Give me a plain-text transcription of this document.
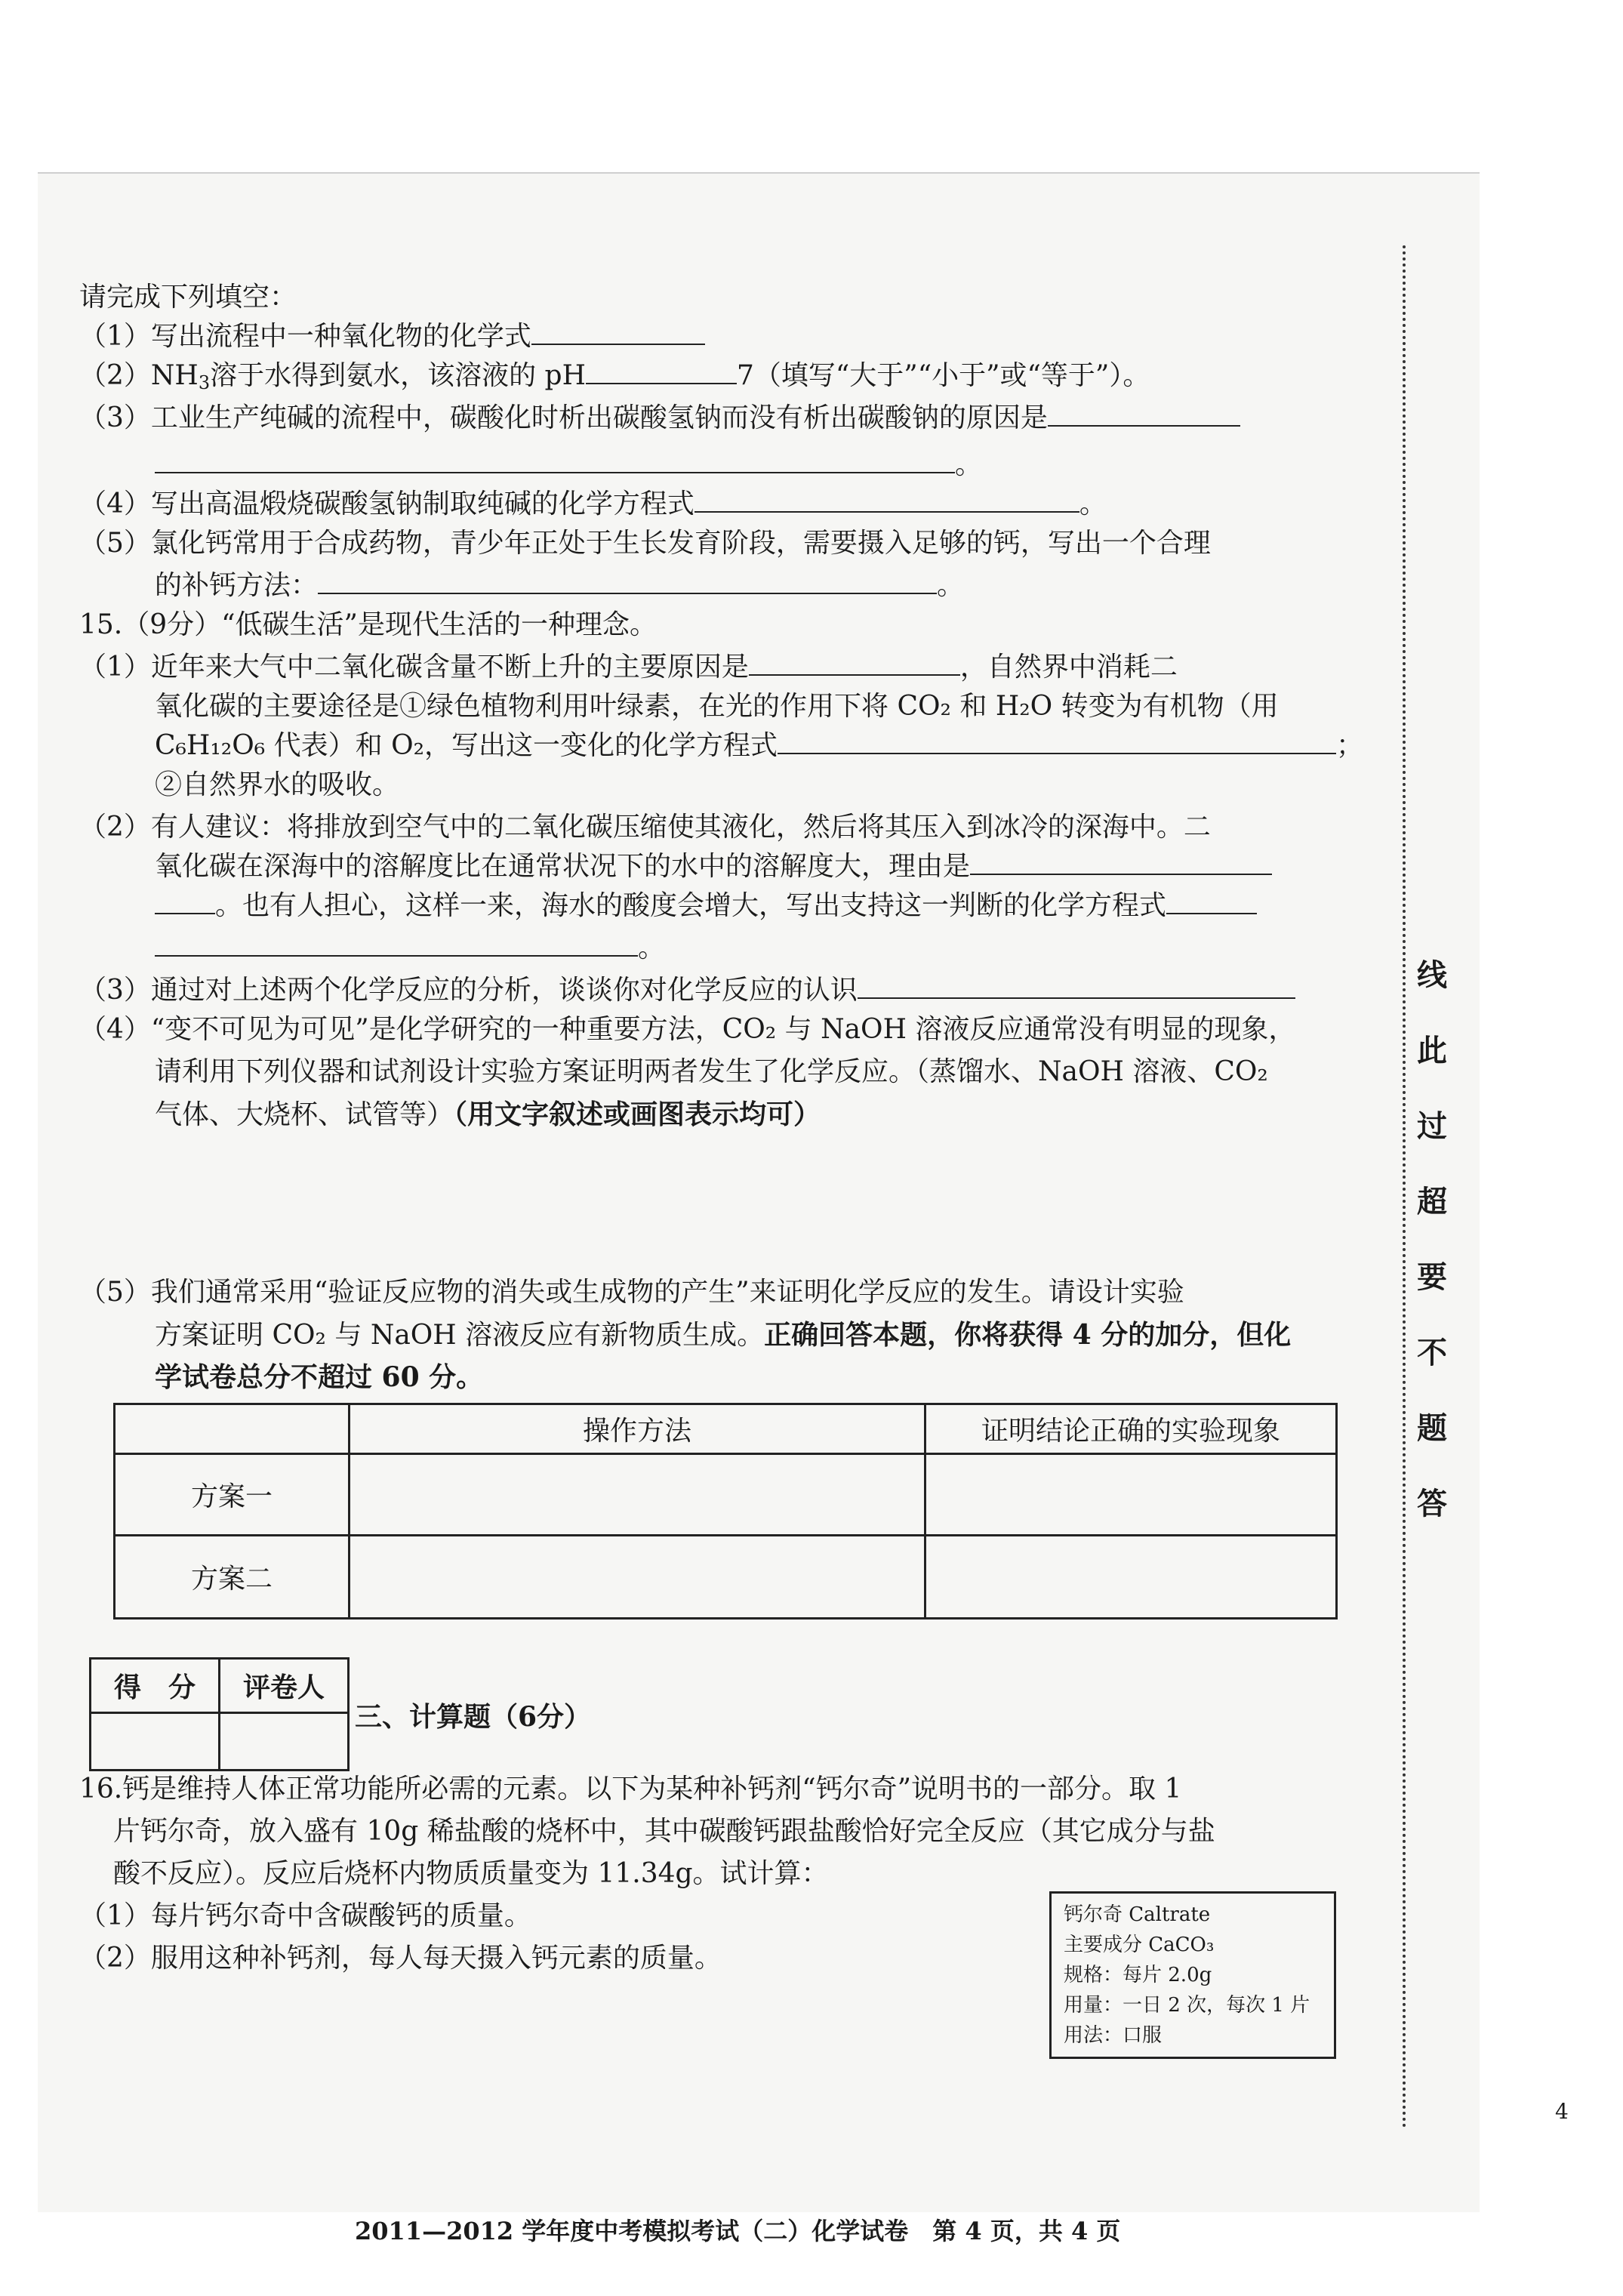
请完成下列填空：
（1）写出流程中一种氧化物的化学式
$(2)NH_3$溶于水得到氨水，该溶液的 pH	7（填写“大于”“小于”或“等于”）。
（3）工业生产纯碱的流程中，碳酸化时析出碳酸氢钠而没有析出碳酸钠的原因是
。
（4）写出高温煅烧碳酸氢钠制取纯碱的化学方程式	。
（5）氯化钙常用于合成药物，青少年正处于生长发育阶段，需要摄入足够的钙，写出一个合理
的补钙方法：	。
15.（9分）“低碳生活”是现代生活的一种理念。
（1）近年来大气中二氧化碳含量不断上升的主要原因是	，自然界中消耗二
氧化碳的主要途径是①绿色植物利用叶绿素，在光的作用下将 CO₂ 和 H₂O 转变为有机物（用
C₆H₁₂O₆ 代表）和 O₂，写出这一变化的化学方程式	；
②自然界水的吸收。
（2）有人建议：将排放到空气中的二氧化碳压缩使其液化，然后将其压入到冰冷的深海中。二
氧化碳在深海中的溶解度比在通常状况下的水中的溶解度大，理由是
。也有人担心，这样一来，海水的酸度会增大，写出支持这一判断的化学方程式
。
（3）通过对上述两个化学反应的分析，谈谈你对化学反应的认识
（4）“变不可见为可见”是化学研究的一种重要方法，CO₂ 与 NaOH 溶液反应通常没有明显的现象，
请利用下列仪器和试剂设计实验方案证明两者发生了化学反应。（蒸馏水、NaOH 溶液、CO₂
气体、大烧杯、试管等）（用文字叙述或画图表示均可）
（5）我们通常采用“验证反应物的消失或生成物的产生”来证明化学反应的发生。请设计实验
方案证明 CO₂ 与 NaOH 溶液反应有新物质生成。正确回答本题，你将获得 4 分的加分，但化
学试卷总分不超过 60 分。
	操作方法	证明结论正确的实验现象
方案一		
方案二		
得　分	评卷人

三、计算题（6分）
16.钙是维持人体正常功能所必需的元素。以下为某种补钙剂“钙尔奇”说明书的一部分。取 1
片钙尔奇，放入盛有 10g 稀盐酸的烧杯中，其中碳酸钙跟盐酸恰好完全反应（其它成分与盐
酸不反应）。反应后烧杯内物质质量变为 11.34g。试计算：
（1）每片钙尔奇中含碳酸钙的质量。
（2）服用这种补钙剂，每人每天摄入钙元素的质量。
钙尔奇 Caltrate
主要成分 CaCO₃
规格：每片 2.0g
用量：一日 2 次，每次 1 片
用法：口服
线
此
过
超
要
不
题
答
2011—2012 学年度中考模拟考试（二）化学试卷　第 4 页，共 4 页
4
